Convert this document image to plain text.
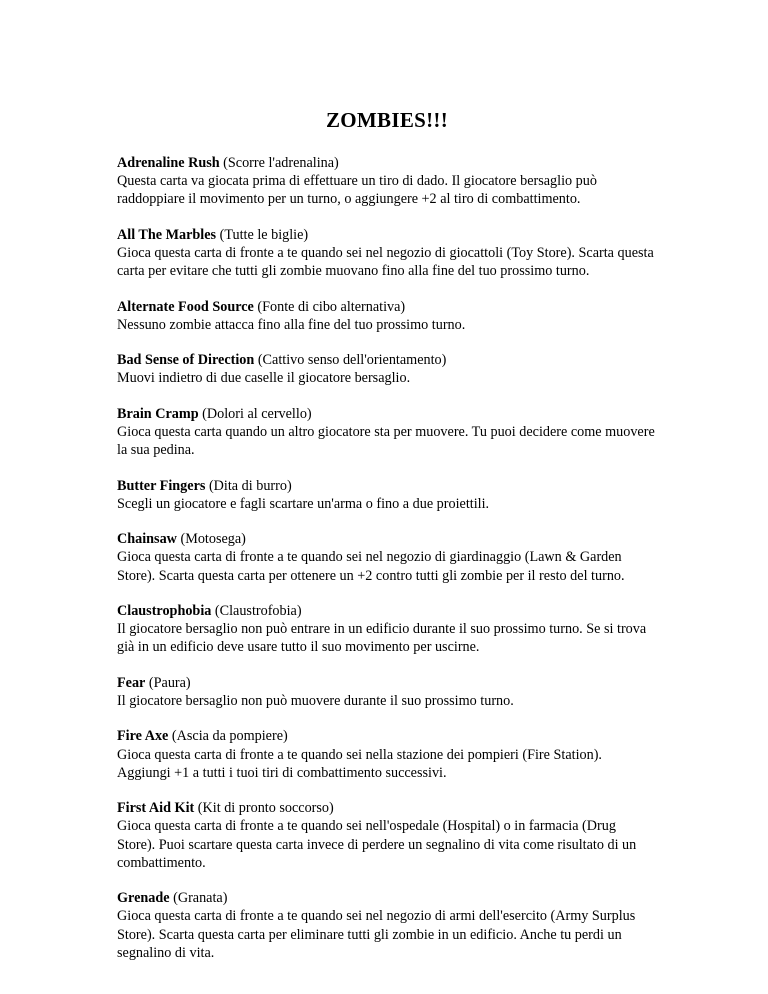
ZOMBIES!!!
Adrenaline Rush (Scorre l'adrenalina)
Questa carta va giocata prima di effettuare un tiro di dado. Il giocatore bersaglio può raddoppiare il movimento per un turno, o aggiungere +2 al tiro di combattimento.
All The Marbles (Tutte le biglie)
Gioca questa carta di fronte a te quando sei nel negozio di giocattoli (Toy Store). Scarta questa carta per evitare che tutti gli zombie muovano fino alla fine del tuo prossimo turno.
Alternate Food Source (Fonte di cibo alternativa)
Nessuno zombie attacca fino alla fine del tuo prossimo turno.
Bad Sense of Direction (Cattivo senso dell'orientamento)
Muovi indietro di due caselle il giocatore bersaglio.
Brain Cramp (Dolori al cervello)
Gioca questa carta quando un altro giocatore sta per muovere. Tu puoi decidere come muovere la sua pedina.
Butter Fingers (Dita di burro)
Scegli un giocatore e fagli scartare un'arma o fino a due proiettili.
Chainsaw (Motosega)
Gioca questa carta di fronte a te quando sei nel negozio di giardinaggio (Lawn & Garden Store). Scarta questa carta per ottenere un +2 contro tutti gli zombie per il resto del turno.
Claustrophobia (Claustrofobia)
Il giocatore bersaglio non può entrare in un edificio durante il suo prossimo turno. Se si trova già in un edificio deve usare tutto il suo movimento per uscirne.
Fear (Paura)
Il giocatore bersaglio non può muovere durante il suo prossimo turno.
Fire Axe (Ascia da pompiere)
Gioca questa carta di fronte a te quando sei nella stazione dei pompieri (Fire Station). Aggiungi +1 a tutti i tuoi tiri di combattimento successivi.
First Aid Kit (Kit di pronto soccorso)
Gioca questa carta di fronte a te quando sei nell'ospedale (Hospital) o in farmacia (Drug Store). Puoi scartare questa carta invece di perdere un segnalino di vita come risultato di un combattimento.
Grenade (Granata)
Gioca questa carta di fronte a te quando sei nel negozio di armi dell'esercito (Army Surplus Store). Scarta questa carta per eliminare tutti gli zombie in un edificio. Anche tu perdi un segnalino di vita.
